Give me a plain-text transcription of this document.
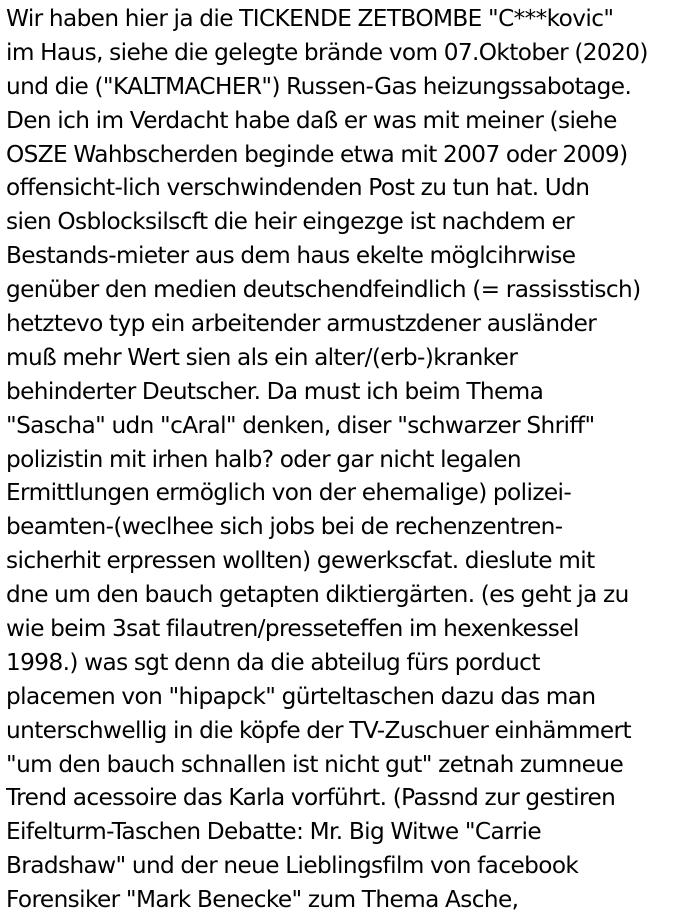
Wir haben hier ja die TICKENDE ZETBOMBE "C***kovic"
im Haus, siehe die gelegte brände vom 07.Oktober (2020)
und die ("KALTMACHER") Russen-Gas heizungssabotage.
Den ich im Verdacht habe daß er was mit meiner (siehe
OSZE Wahbscherden beginde etwa mit 2007 oder 2009)
offensicht-lich verschwindenden Post zu tun hat. Udn
sien Osblocksilscft die heir eingezge ist nachdem er
Bestands-mieter aus dem haus ekelte möglcihrwise
genüber den medien deutschendfeindlich (= rassisstisch)
hetztevo typ ein arbeitender armustzdener ausländer
muß mehr Wert sien als ein alter/(erb-)kranker
behinderter Deutscher. Da must ich beim Thema
"Sascha" udn "cAral" denken, diser "schwarzer Shriff"
polizistin mit irhen halb? oder gar nicht legalen
Ermittlungen ermöglich von der ehemalige) polizei-
beamten-(weclhee sich jobs bei de rechenzentren-
sicherhit erpressen wollten) gewerkscfat. dieslute mit
dne um den bauch getapten diktiergärten. (es geht ja zu
wie beim 3sat filautren/presseteffen im hexenkessel
1998.) was sgt denn da die abteilug fürs porduct
placemen von "hipapck" gürteltaschen dazu das man
unterschwellig in die köpfe der TV-Zuschuer einhämmert
"um den bauch schnallen ist nicht gut" zetnah zumneue
Trend acessoire das Karla vorführt. (Passnd zur gestiren
Eifelturm-Taschen Debatte: Mr. Big Witwe "Carrie
Bradshaw" und der neue Lieblingsfilm von facebook
Forensiker "Mark Benecke" zum Thema Asche,
